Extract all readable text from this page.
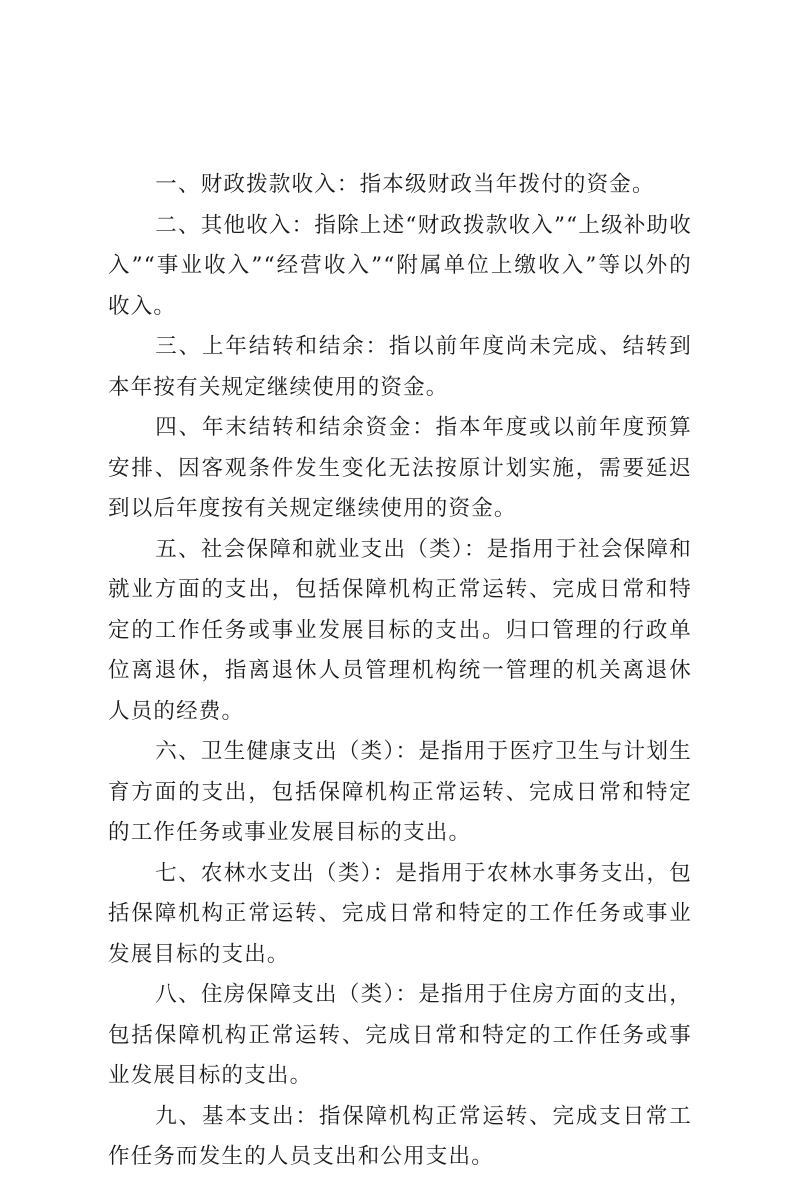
一、财政拨款收入：指本级财政当年拨付的资金。

二、其他收入：指除上述“财政拨款收入”“上级补助收入”“事业收入”“经营收入”“附属单位上缴收入”等以外的收入。

三、上年结转和结余：指以前年度尚未完成、结转到本年按有关规定继续使用的资金。

四、年末结转和结余资金：指本年度或以前年度预算安排、因客观条件发生变化无法按原计划实施，需要延迟到以后年度按有关规定继续使用的资金。

五、社会保障和就业支出（类）：是指用于社会保障和就业方面的支出，包括保障机构正常运转、完成日常和特定的工作任务或事业发展目标的支出。归口管理的行政单位离退休，指离退休人员管理机构统一管理的机关离退休人员的经费。

六、卫生健康支出（类）：是指用于医疗卫生与计划生育方面的支出，包括保障机构正常运转、完成日常和特定的工作任务或事业发展目标的支出。

七、农林水支出（类）：是指用于农林水事务支出，包括保障机构正常运转、完成日常和特定的工作任务或事业发展目标的支出。

八、住房保障支出（类）：是指用于住房方面的支出，包括保障机构正常运转、完成日常和特定的工作任务或事业发展目标的支出。

九、基本支出：指保障机构正常运转、完成支日常工作任务而发生的人员支出和公用支出。
